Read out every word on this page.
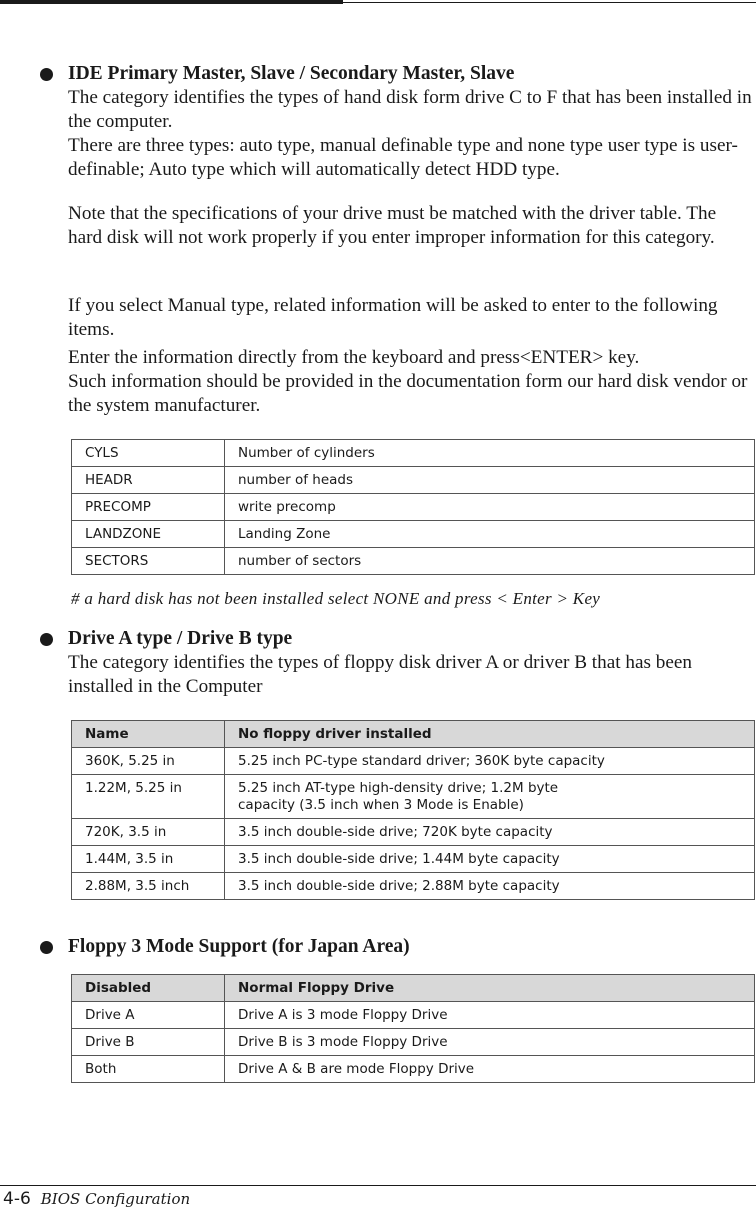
IDE Primary Master, Slave / Secondary Master, Slave

The category identifies the types of hand disk form drive C to F that has been installed in the computer.

There are three types: auto type, manual definable type and none type user type is user-definable; Auto type which will automatically detect HDD type.

Note that the specifications of your drive must be matched with the driver table. The hard disk will not work properly if you enter improper information for this category.

If you select Manual type, related information will be asked to enter to the following items.

Enter the information directly from the keyboard and press<ENTER> key.

Such information should be provided in the documentation form our hard disk vendor or the system manufacturer.

CYLS	Number of cylinders
HEADR	number of heads
PRECOMP	write precomp
LANDZONE	Landing Zone
SECTORS	number of sectors
# a hard disk has not been installed select NONE and press < Enter > Key
Drive A type / Drive B type

The category identifies the types of floppy disk driver A or driver B that has been installed in the Computer

Name	No floppy driver installed
360K, 5.25 in	5.25 inch PC-type standard driver; 360K byte capacity
1.22M, 5.25 in	5.25 inch AT-type high-density drive; 1.2M byte
capacity (3.5 inch when 3 Mode is Enable)

720K, 3.5 in	3.5 inch double-side drive; 720K byte capacity
1.44M, 3.5 in	3.5 inch double-side drive; 1.44M byte capacity
2.88M, 3.5 inch	3.5 inch double-side drive; 2.88M byte capacity
Floppy 3 Mode Support (for Japan Area)
Disabled	Normal Floppy Drive
Drive A	Drive A is 3 mode Floppy Drive
Drive B	Drive B is 3 mode Floppy Drive
Both	Drive A & B are mode Floppy Drive
4-6 BIOS Configuration
